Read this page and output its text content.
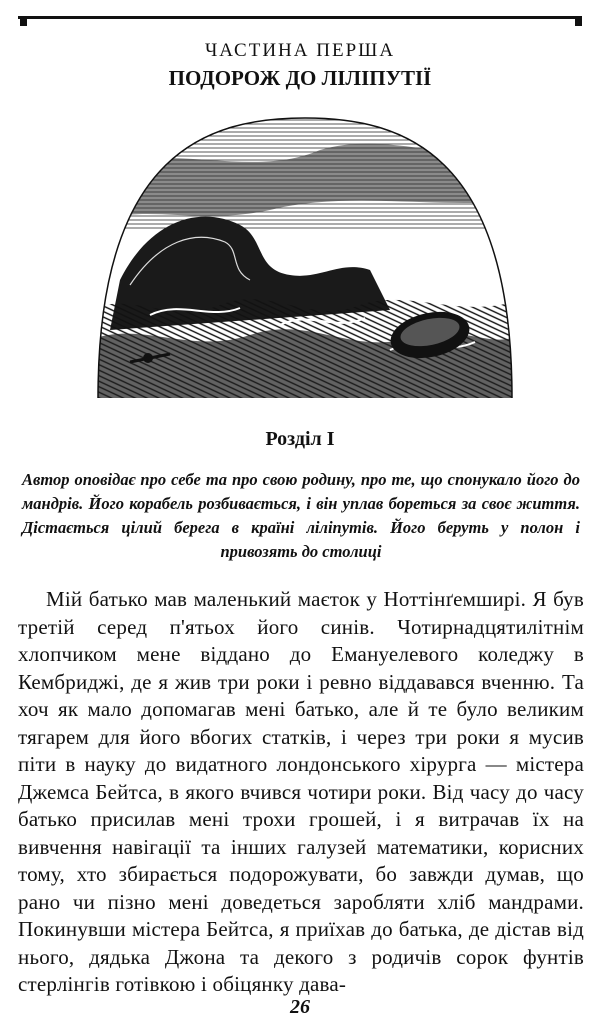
ЧАСТИНА ПЕРША
ПОДОРОЖ ДО ЛІЛІПУТІЇ
Розділ I
Автор оповідає про себе та про свою родину, про те, що спонукало його до мандрів. Його корабель розбивається, і він уплав бореться за своє життя. Дістається цілий берега в країні ліліпутів. Його беруть у полон і привозять до столиці
Мій батько мав маленький маєток у Ноттінґемширі. Я був третій серед п'ятьох його синів. Чотирнадцятилітнім хлопчиком мене віддано до Емануелевого коледжу в Кембриджі, де я жив три роки і ревно віддавався вченню. Та хоч як мало допомагав мені батько, але й те було великим тягарем для його вбогих статків, і через три роки я мусив піти в науку до видатного лондонського хірурга — містера Джемса Бейтса, в якого вчився чотири роки. Від часу до часу батько присилав мені трохи грошей, і я витрачав їх на вивчення навігації та інших галузей математики, корисних тому, хто збирається подорожувати, бо завжди думав, що рано чи пізно мені доведеться заробляти хліб мандрами. Покинувши містера Бейтса, я приїхав до батька, де дістав від нього, дядька Джона та декого з родичів сорок фунтів стерлінгів готівкою і обіцянку дава-
26
